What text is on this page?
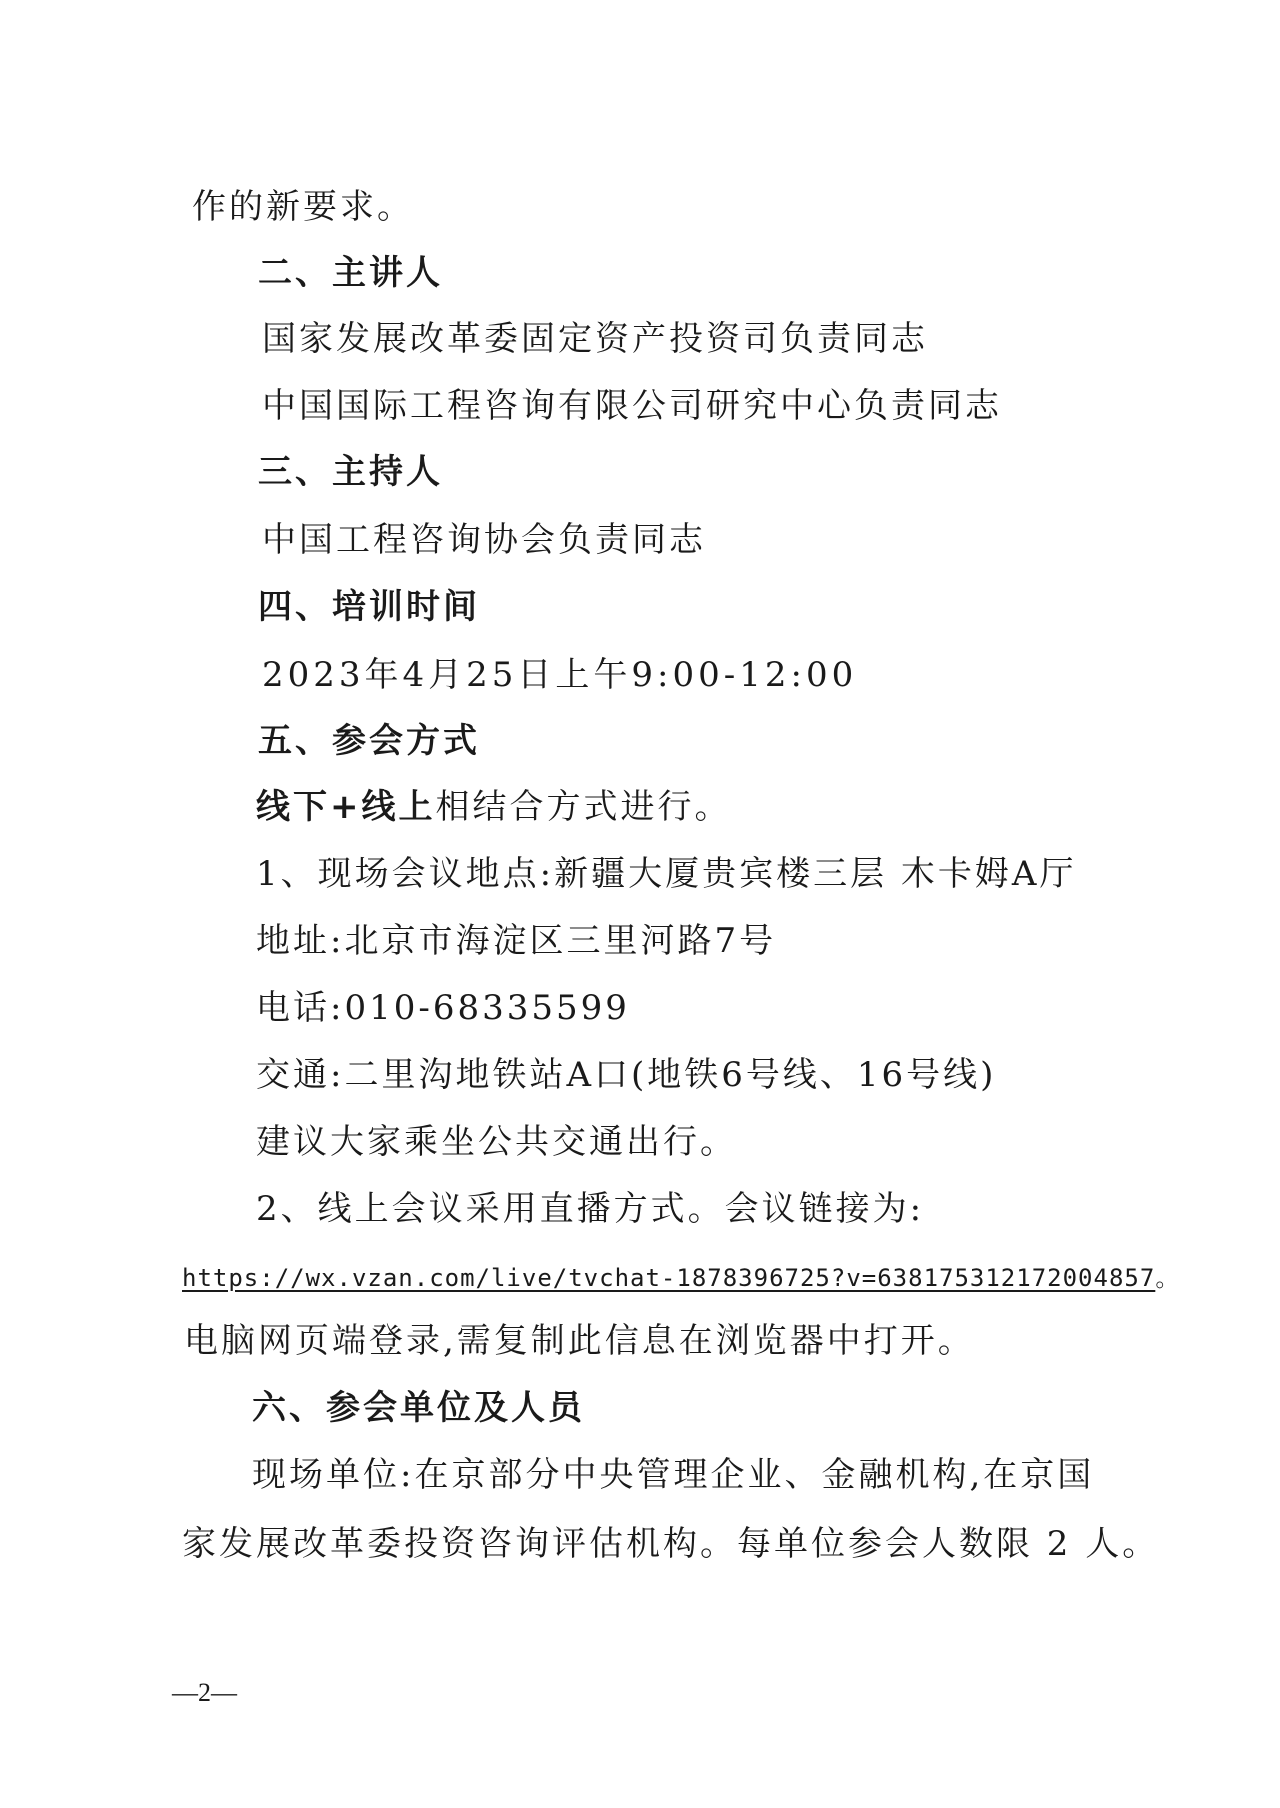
作的新要求。
二、主讲人
国家发展改革委固定资产投资司负责同志
中国国际工程咨询有限公司研究中心负责同志
三、主持人
中国工程咨询协会负责同志
四、培训时间
2023年4月25日上午9:00-12:00
五、参会方式
线下+线上相结合方式进行。
1、现场会议地点:新疆大厦贵宾楼三层 木卡姆A厅
地址:北京市海淀区三里河路7号
电话:010-68335599
交通:二里沟地铁站A口(地铁6号线、16号线)
建议大家乘坐公共交通出行。
2、线上会议采用直播方式。会议链接为:
https://wx.vzan.com/live/tvchat-1878396725?v=638175312172004857。
电脑网页端登录,需复制此信息在浏览器中打开。
六、参会单位及人员
现场单位:在京部分中央管理企业、金融机构,在京国
家发展改革委投资咨询评估机构。每单位参会人数限 2 人。
—2—
